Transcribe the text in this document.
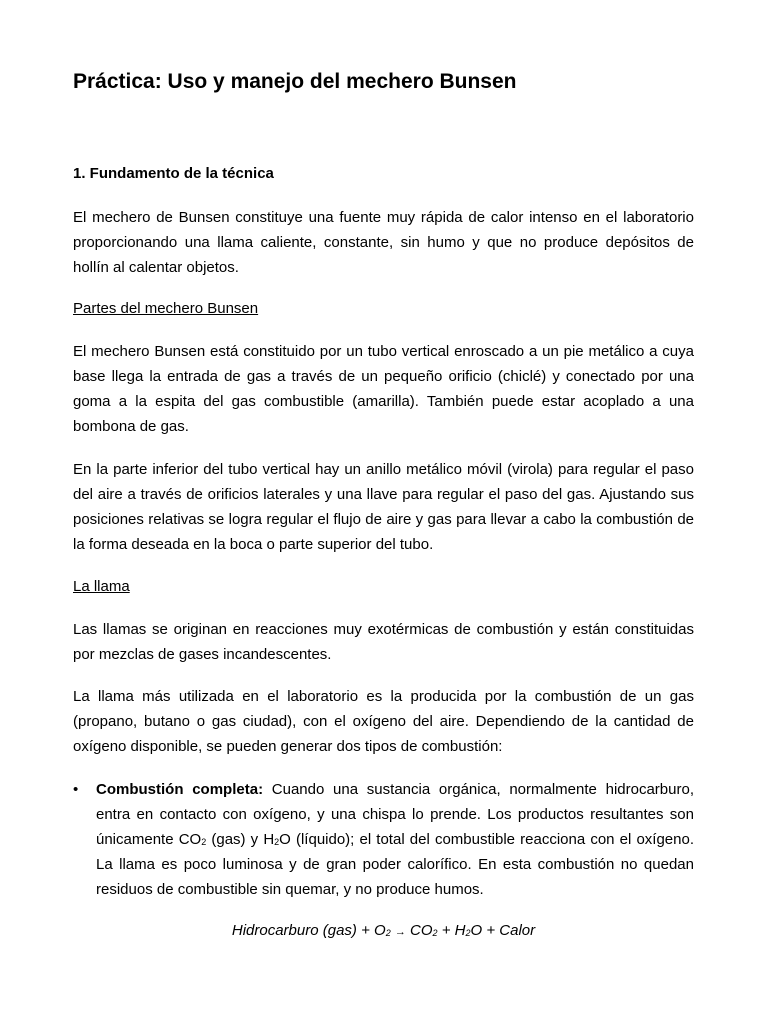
Práctica: Uso y manejo del mechero Bunsen
1. Fundamento de la técnica

El mechero de Bunsen constituye una fuente muy rápida de calor intenso en el laboratorio proporcionando una llama caliente, constante, sin humo y que no produce depósitos de hollín al calentar objetos.

Partes del mechero Bunsen

El mechero Bunsen está constituido por un tubo vertical enroscado a un pie metálico a cuya base llega la entrada de gas a través de un pequeño orificio (chiclé) y conectado por una goma a la espita del gas combustible (amarilla). También puede estar acoplado a una bombona de gas.

En la parte inferior del tubo vertical hay un anillo metálico móvil (virola) para regular el paso del aire a través de orificios laterales y una llave para regular el paso del gas. Ajustando sus posiciones relativas se logra regular el flujo de aire y gas para llevar a cabo la combustión de la forma deseada en la boca o parte superior del tubo.

La llama

Las llamas se originan en reacciones muy exotérmicas de combustión y están constituidas por mezclas de gases incandescentes.

La llama más utilizada en el laboratorio es la producida por la combustión de un gas (propano, butano o gas ciudad), con el oxígeno del aire. Dependiendo de la cantidad de oxígeno disponible, se pueden generar dos tipos de combustión:

• Combustión completa: Cuando una sustancia orgánica, normalmente hidrocarburo, entra en contacto con oxígeno, y una chispa lo prende. Los productos resultantes son únicamente $CO_2$ (gas) y $H_2O$ (líquido); el total del combustible reacciona con el oxígeno. La llama es poco luminosa y de gran poder calorífico. En esta combustión no quedan residuos de combustible sin quemar, y no produce humos.

Hidrocarburo $(gas) + O_2 \to CO_2 + H_2O$ + Calor
